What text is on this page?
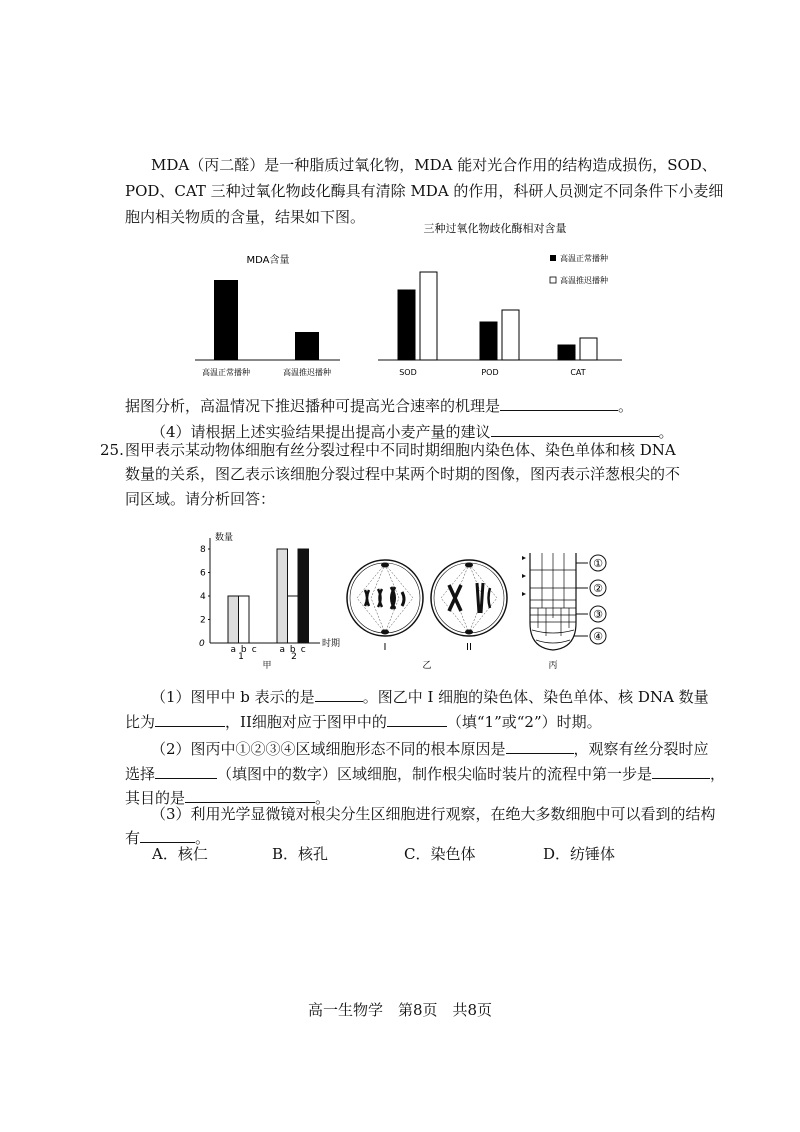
MDA（丙二醛）是一种脂质过氧化物，MDA 能对光合作用的结构造成损伤，SOD、
POD、CAT 三种过氧化物歧化酶具有清除 MDA 的作用，科研人员测定不同条件下小麦细
胞内相关物质的含量，结果如下图。
MDA含量
高温正常播种	高温推迟播种
三种过氧化物歧化酶相对含量
高温正常播种
高温推迟播种
SOD	POD	CAT
据图分析，高温情况下推迟播种可提高光合速率的机理是	。
（4）请根据上述实验结果提出提高小麦产量的建议	。
25. 图甲表示某动物体细胞有丝分裂过程中不同时期细胞内染色体、染色单体和核 DNA
数量的关系，图乙表示该细胞分裂过程中某两个时期的图像，图丙表示洋葱根尖的不
同区域。请分析回答：
数量
2
4
6
8
a b c	a b c
0	时期
1	2
甲
I	II
乙
①
②
③
④
丙
（1）图甲中 b 表示的是	。图乙中 I 细胞的染色体、染色单体、核 DNA 数量
比为	，II细胞对应于图甲中的	（填“1”或“2”）时期。
（2）图丙中①②③④区域细胞形态不同的根本原因是	，观察有丝分裂时应
选择	（填图中的数字）区域细胞，制作根尖临时装片的流程中第一步是	，
其目的是	。
（3）利用光学显微镜对根尖分生区细胞进行观察，在绝大多数细胞中可以看到的结构
有	。
A．核仁	B．核孔	C．染色体	D．纺锤体
高一生物学　第8页　共8页
